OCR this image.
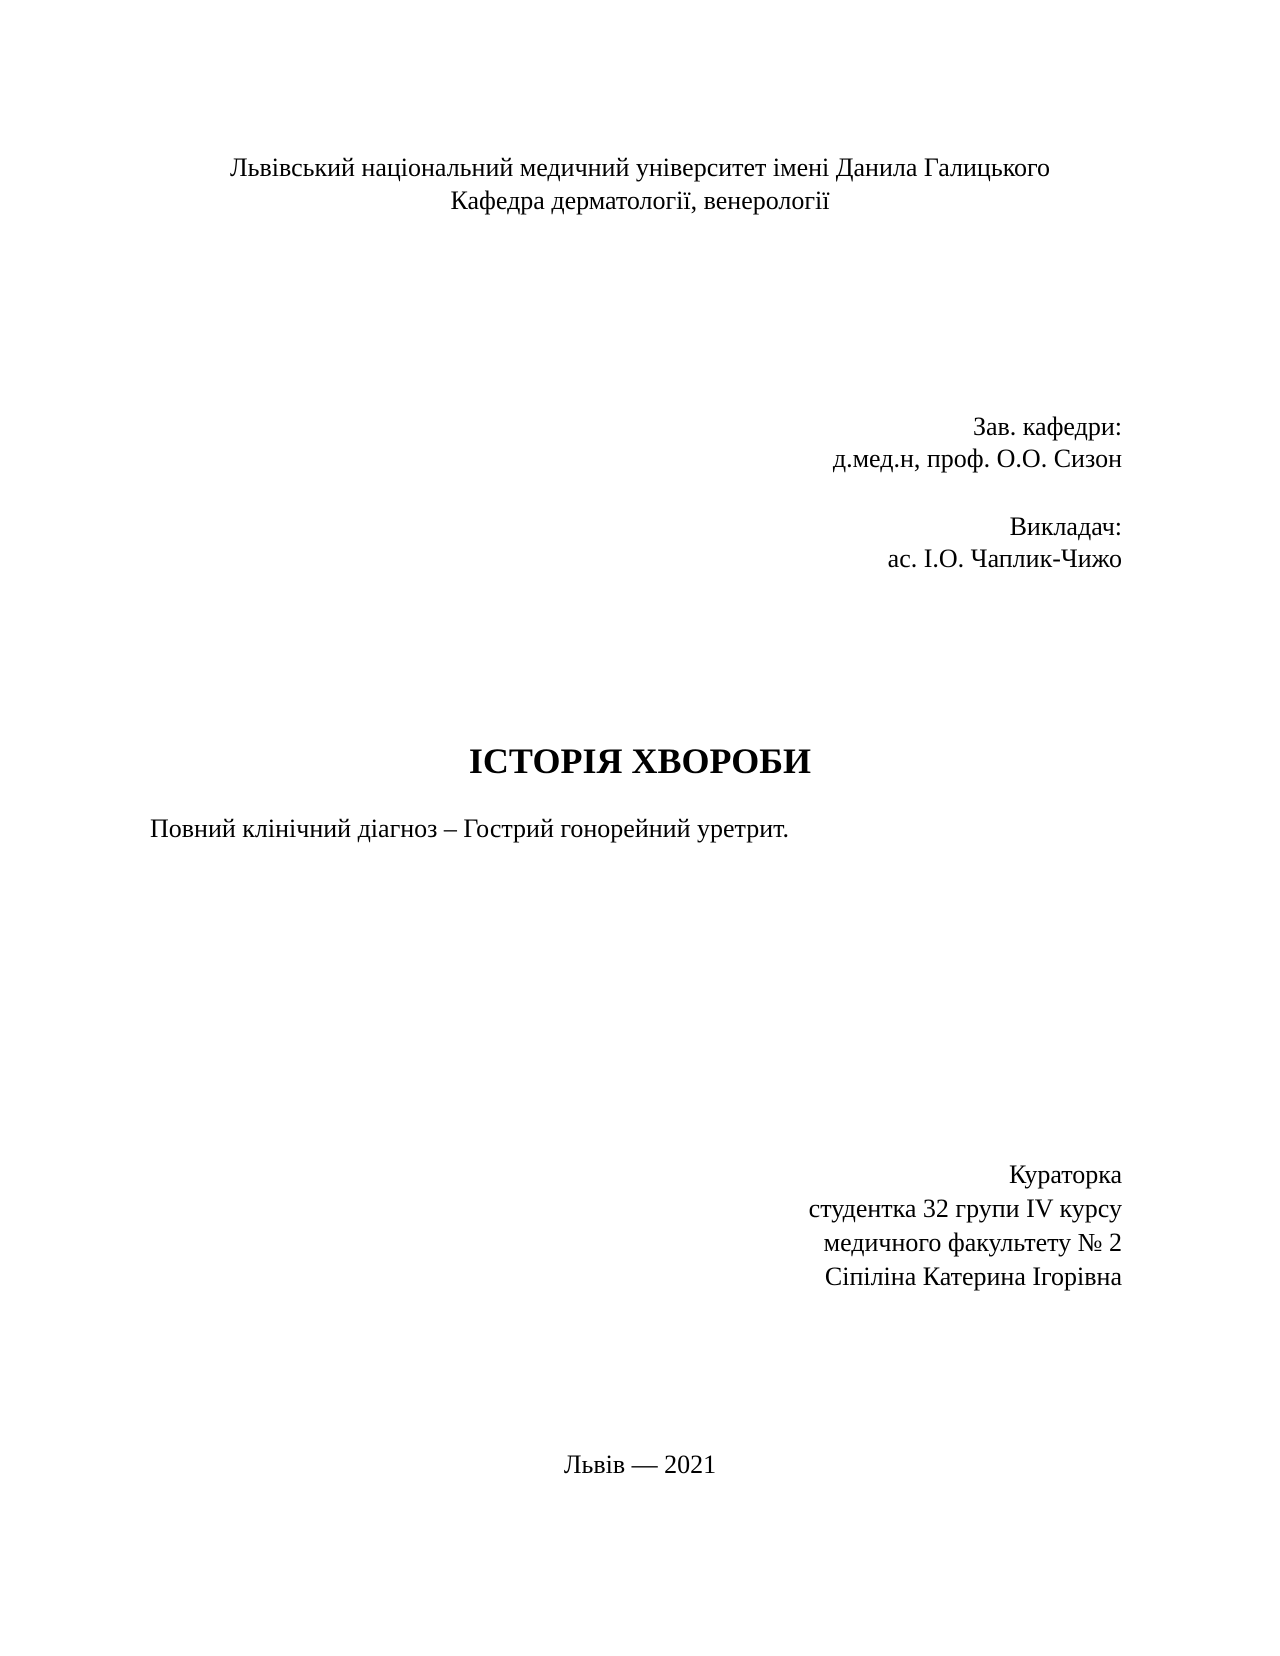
Львівський національний медичний університет імені Данила Галицького
Кафедра дерматології, венерології
Зав. кафедри:
д.мед.н, проф. О.О. Сизон
Викладач:
ас. І.О. Чаплик-Чижо
ІСТОРІЯ ХВОРОБИ
Повний клінічний діагноз – Гострий гонорейний уретрит.
Кураторка
студентка 32 групи IV курсу
медичного факультету № 2
Сіпіліна Катерина Ігорівна
Львів — 2021
